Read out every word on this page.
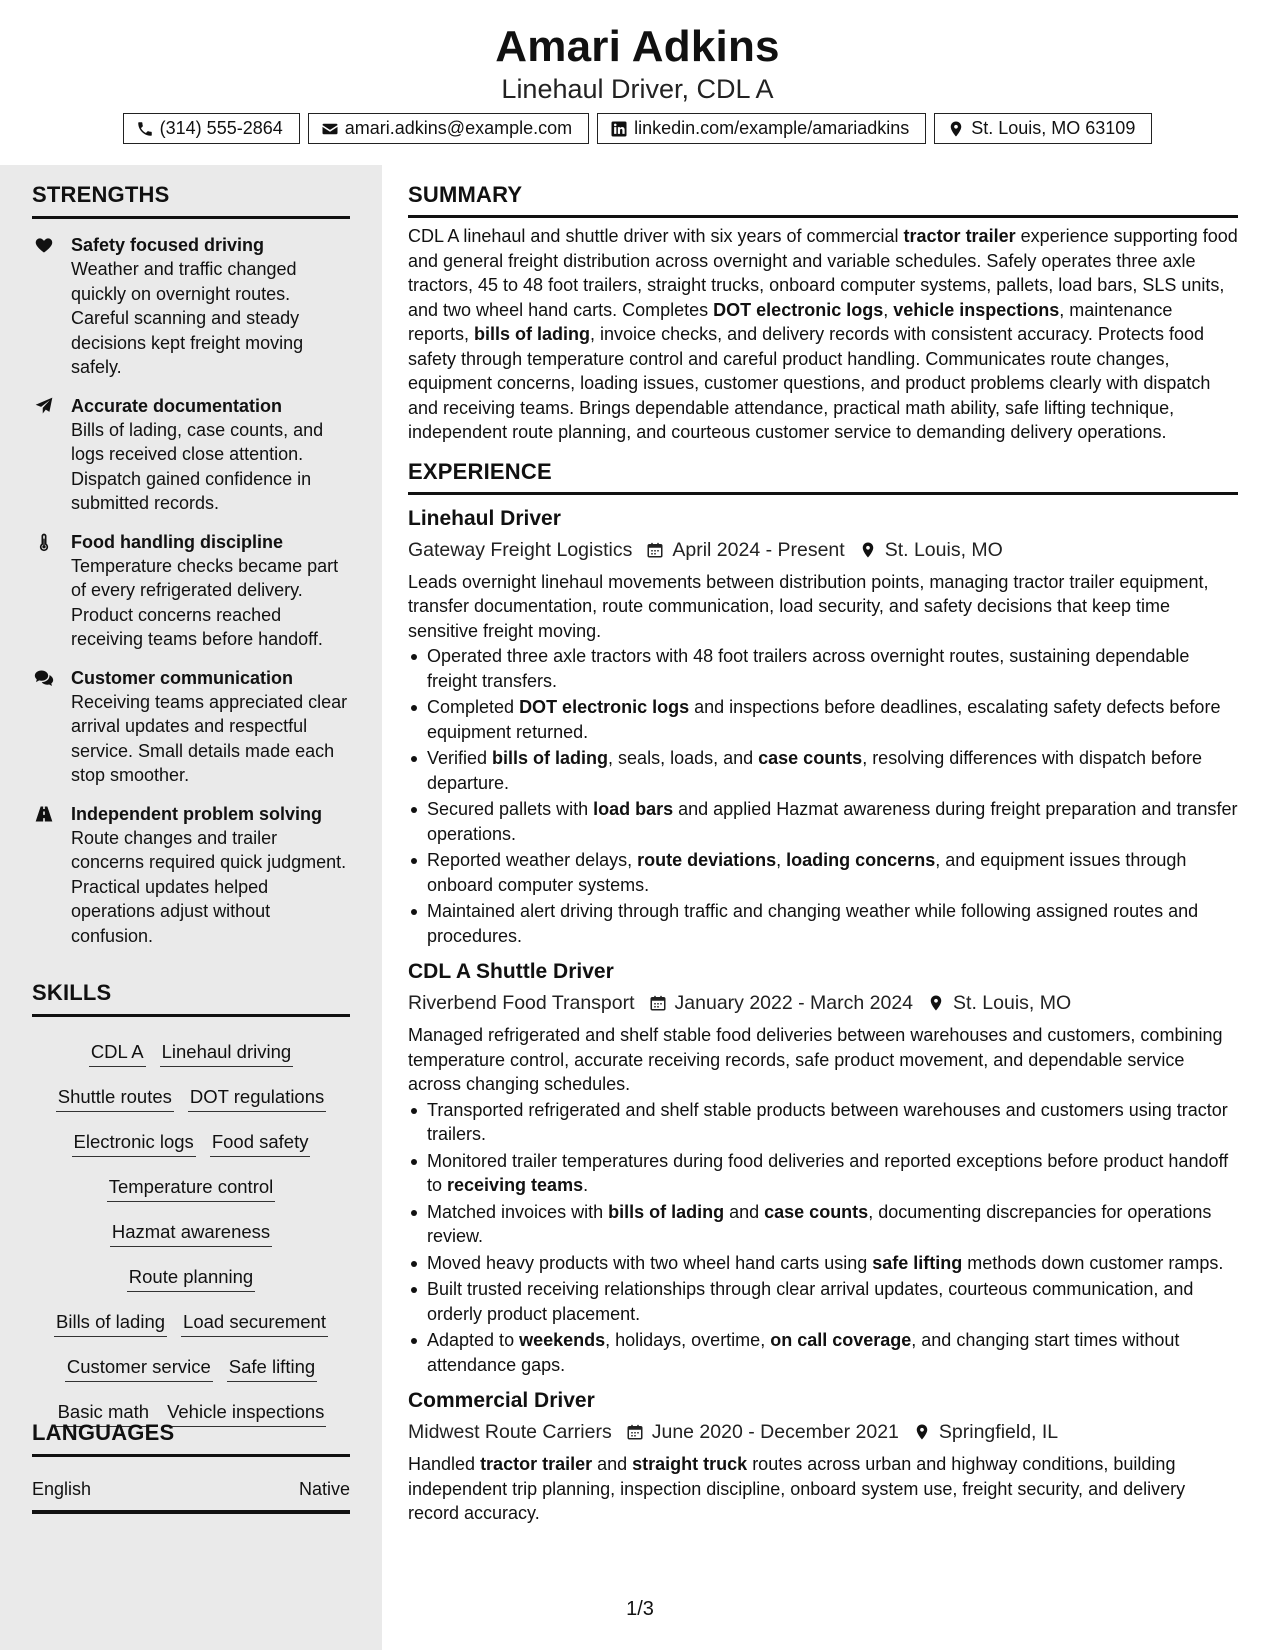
Amari Adkins
Linehaul Driver, CDL A
(314) 555-2864	amari.adkins@example.com	linkedin.com/example/amariadkins	St. Louis, MO 63109
STRENGTHS
Safety focused driving
Weather and traffic changed quickly on overnight routes. Careful scanning and steady decisions kept freight moving safely.
Accurate documentation
Bills of lading, case counts, and logs received close attention. Dispatch gained confidence in submitted records.
Food handling discipline
Temperature checks became part of every refrigerated delivery. Product concerns reached receiving teams before handoff.
Customer communication
Receiving teams appreciated clear arrival updates and respectful service. Small details made each stop smoother.
Independent problem solving
Route changes and trailer concerns required quick judgment. Practical updates helped operations adjust without confusion.
SKILLS
CDL A Linehaul driving
Shuttle routes DOT regulations
Electronic logs Food safety
Temperature control
Hazmat awarenessRoute planning
Bills of lading Load securement
Customer service Safe lifting
Basic math Vehicle inspections
LANGUAGES
English	Native
SUMMARY
CDL A linehaul and shuttle driver with six years of commercial tractor trailer experience supporting food and general freight distribution across overnight and variable schedules. Safely operates three axle tractors, 45 to 48 foot trailers, straight trucks, onboard computer systems, pallets, load bars, SLS units, and two wheel hand carts. Completes DOT electronic logs, vehicle inspections, maintenance reports, bills of lading, invoice checks, and delivery records with consistent accuracy. Protects food safety through temperature control and careful product handling. Communicates route changes, equipment concerns, loading issues, customer questions, and product problems clearly with dispatch and receiving teams. Brings dependable attendance, practical math ability, safe lifting technique, independent route planning, and courteous customer service to demanding delivery operations.
EXPERIENCE
Linehaul Driver
Gateway Freight Logistics April 2024 - Present St. Louis, MO
Leads overnight linehaul movements between distribution points, managing tractor trailer equipment, transfer documentation, route communication, load security, and safety decisions that keep time sensitive freight moving.
Operated three axle tractors with 48 foot trailers across overnight routes, sustaining dependable freight transfers.
Completed DOT electronic logs and inspections before deadlines, escalating safety defects before equipment returned.
Verified bills of lading, seals, loads, and case counts, resolving differences with dispatch before departure.
Secured pallets with load bars and applied Hazmat awareness during freight preparation and transfer operations.
Reported weather delays, route deviations, loading concerns, and equipment issues through onboard computer systems.
Maintained alert driving through traffic and changing weather while following assigned routes and procedures.
CDL A Shuttle Driver
Riverbend Food Transport January 2022 - March 2024 St. Louis, MO
Managed refrigerated and shelf stable food deliveries between warehouses and customers, combining temperature control, accurate receiving records, safe product movement, and dependable service across changing schedules.
Transported refrigerated and shelf stable products between warehouses and customers using tractor trailers.
Monitored trailer temperatures during food deliveries and reported exceptions before product handoff to receiving teams.
Matched invoices with bills of lading and case counts, documenting discrepancies for operations review.
Moved heavy products with two wheel hand carts using safe lifting methods down customer ramps.
Built trusted receiving relationships through clear arrival updates, courteous communication, and orderly product placement.
Adapted to weekends, holidays, overtime, on call coverage, and changing start times without attendance gaps.
Commercial Driver
Midwest Route Carriers June 2020 - December 2021 Springfield, IL
Handled tractor trailer and straight truck routes across urban and highway conditions, building independent trip planning, inspection discipline, onboard system use, freight security, and delivery record accuracy.
1/3
